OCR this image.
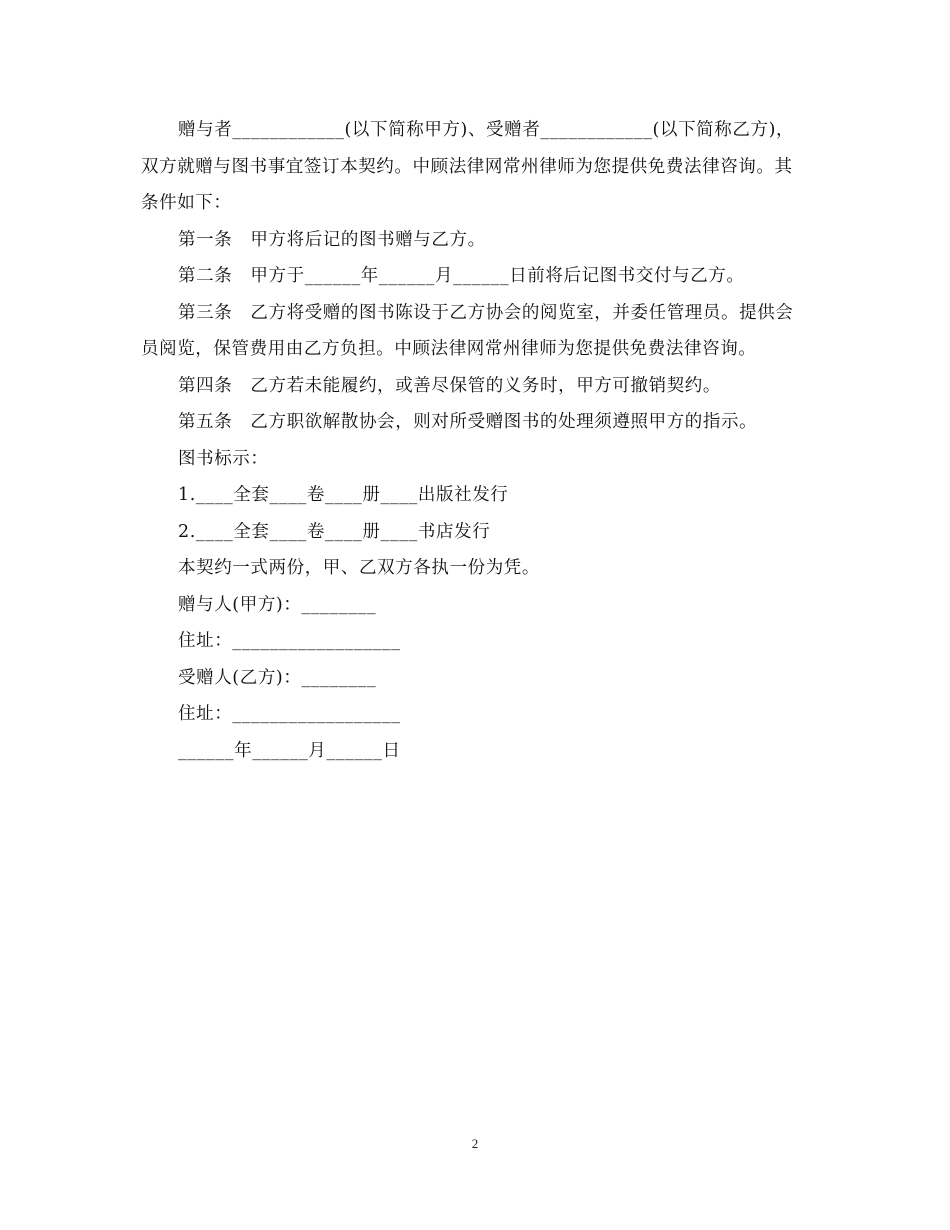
赠与者____________(以下简称甲方)、受赠者____________(以下简称乙方)，双方就赠与图书事宜签订本契约。中顾法律网常州律师为您提供免费法律咨询。其条件如下：

第一条　甲方将后记的图书赠与乙方。

第二条　甲方于______年______月______日前将后记图书交付与乙方。

第三条　乙方将受赠的图书陈设于乙方协会的阅览室，并委任管理员。提供会员阅览，保管费用由乙方负担。中顾法律网常州律师为您提供免费法律咨询。

第四条　乙方若未能履约，或善尽保管的义务时，甲方可撤销契约。

第五条　乙方职欲解散协会，则对所受赠图书的处理须遵照甲方的指示。

图书标示：

1.____全套____卷____册____出版社发行

2.____全套____卷____册____书店发行

本契约一式两份，甲、乙双方各执一份为凭。

赠与人(甲方)：________

住址：__________________

受赠人(乙方)：________

住址：__________________

______年______月______日

2
